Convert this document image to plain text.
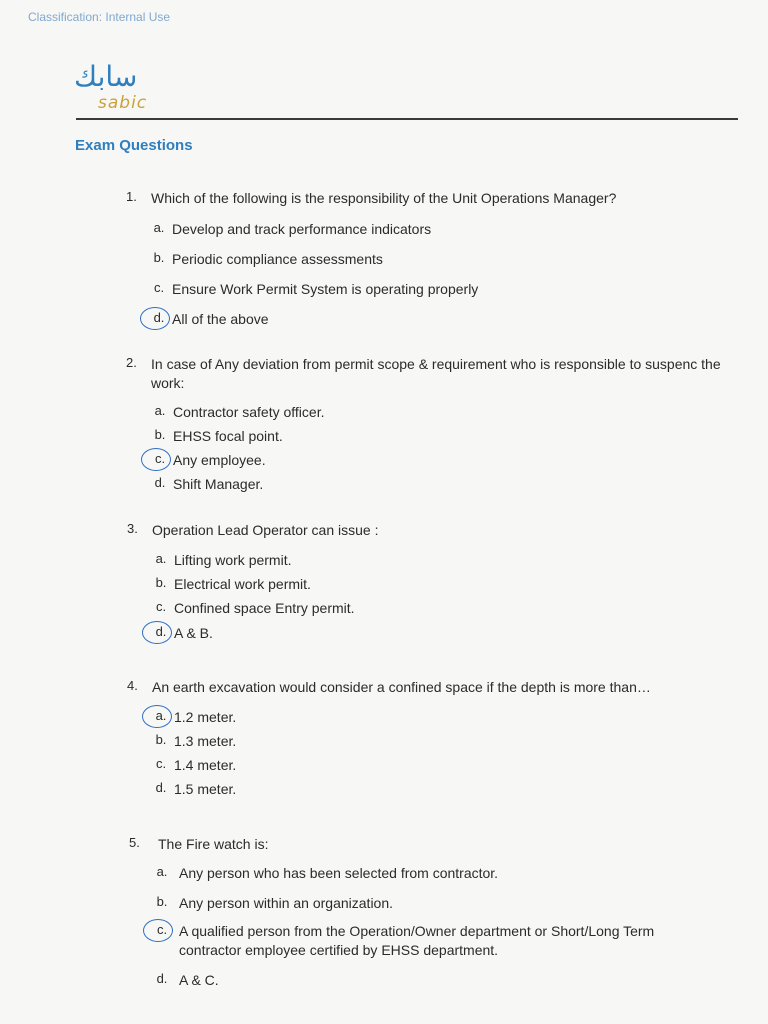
Classification: Internal Use
سابك
sabic
Exam Questions
1. Which of the following is the responsibility of the Unit Operations Manager?
a. Develop and track performance indicators
b. Periodic compliance assessments
c. Ensure Work Permit System is operating properly
d. All of the above
2. In case of Any deviation from permit scope & requirement who is responsible to suspenc the work:
a. Contractor safety officer.
b. EHSS focal point.
c. Any employee.
d. Shift Manager.
3. Operation Lead Operator can issue :
a. Lifting work permit.
b. Electrical work permit.
c. Confined space Entry permit.
d. A & B.
4. An earth excavation would consider a confined space if the depth is more than…
a. 1.2 meter.
b. 1.3 meter.
c. 1.4 meter.
d. 1.5 meter.
5. The Fire watch is:
a. Any person who has been selected from contractor.
b. Any person within an organization.
c. A qualified person from the Operation/Owner department or Short/Long Term contractor employee certified by EHSS department.
d. A & C.
